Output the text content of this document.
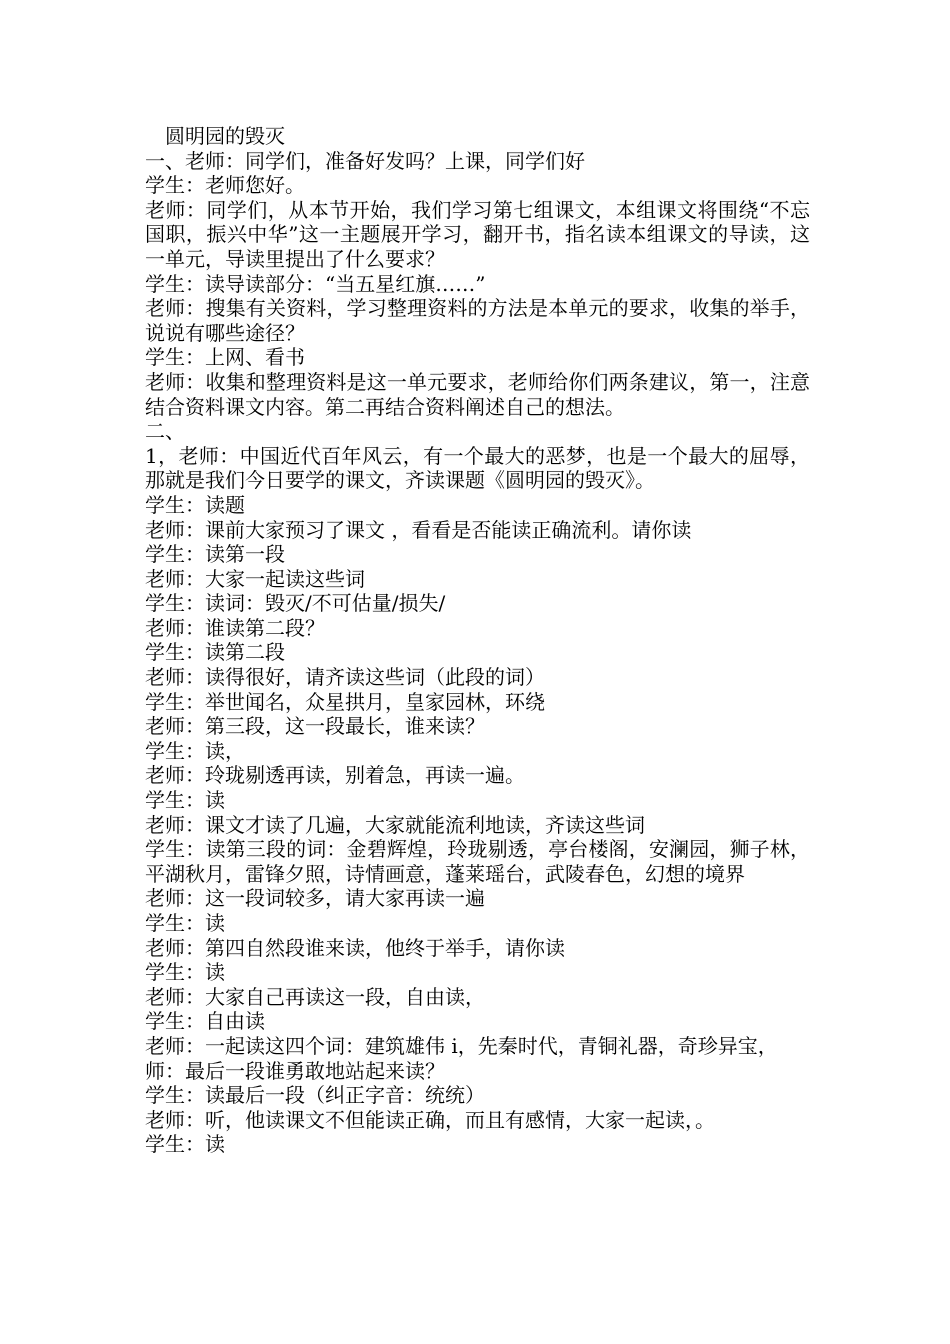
圆明园的毁灭
一、老师：同学们，准备好发吗？上课，同学们好
学生：老师您好。
老师：同学们，从本节开始，我们学习第七组课文，本组课文将围绕“不忘国职，振兴中华”这一主题展开学习，翻开书，指名读本组课文的导读，这一单元，导读里提出了什么要求？
学生：读导读部分：“当五星红旗……”
老师：搜集有关资料，学习整理资料的方法是本单元的要求，收集的举手，说说有哪些途径？
学生：上网、看书
老师：收集和整理资料是这一单元要求，老师给你们两条建议，第一，注意结合资料课文内容。第二再结合资料阐述自己的想法。
二、
1，老师：中国近代百年风云，有一个最大的恶梦，也是一个最大的屈辱，那就是我们今日要学的课文，齐读课题《圆明园的毁灭》。
学生：读题
老师：课前大家预习了课文 ，看看是否能读正确流利。请你读
学生：读第一段
老师：大家一起读这些词
学生：读词：毁灭/不可估量/损失/
老师：谁读第二段？
学生：读第二段
老师：读得很好，请齐读这些词（此段的词）
学生：举世闻名，众星拱月，皇家园林，环绕
老师：第三段，这一段最长，谁来读？
学生：读，
老师：玲珑剔透再读，别着急，再读一遍。
学生：读
老师：课文才读了几遍，大家就能流利地读，齐读这些词
学生：读第三段的词：金碧辉煌，玲珑剔透，亭台楼阁，安澜园，狮子林，平湖秋月，雷锋夕照，诗情画意，蓬莱瑶台，武陵春色，幻想的境界
老师：这一段词较多，请大家再读一遍
学生：读
老师：第四自然段谁来读，他终于举手，请你读
学生：读
老师：大家自己再读这一段，自由读，
学生：自由读
老师：一起读这四个词：建筑雄伟 i，先秦时代，青铜礼器，奇珍异宝，
师：最后一段谁勇敢地站起来读？
学生：读最后一段（纠正字音：统统）
老师：听，他读课文不但能读正确，而且有感情，大家一起读，。
学生：读
